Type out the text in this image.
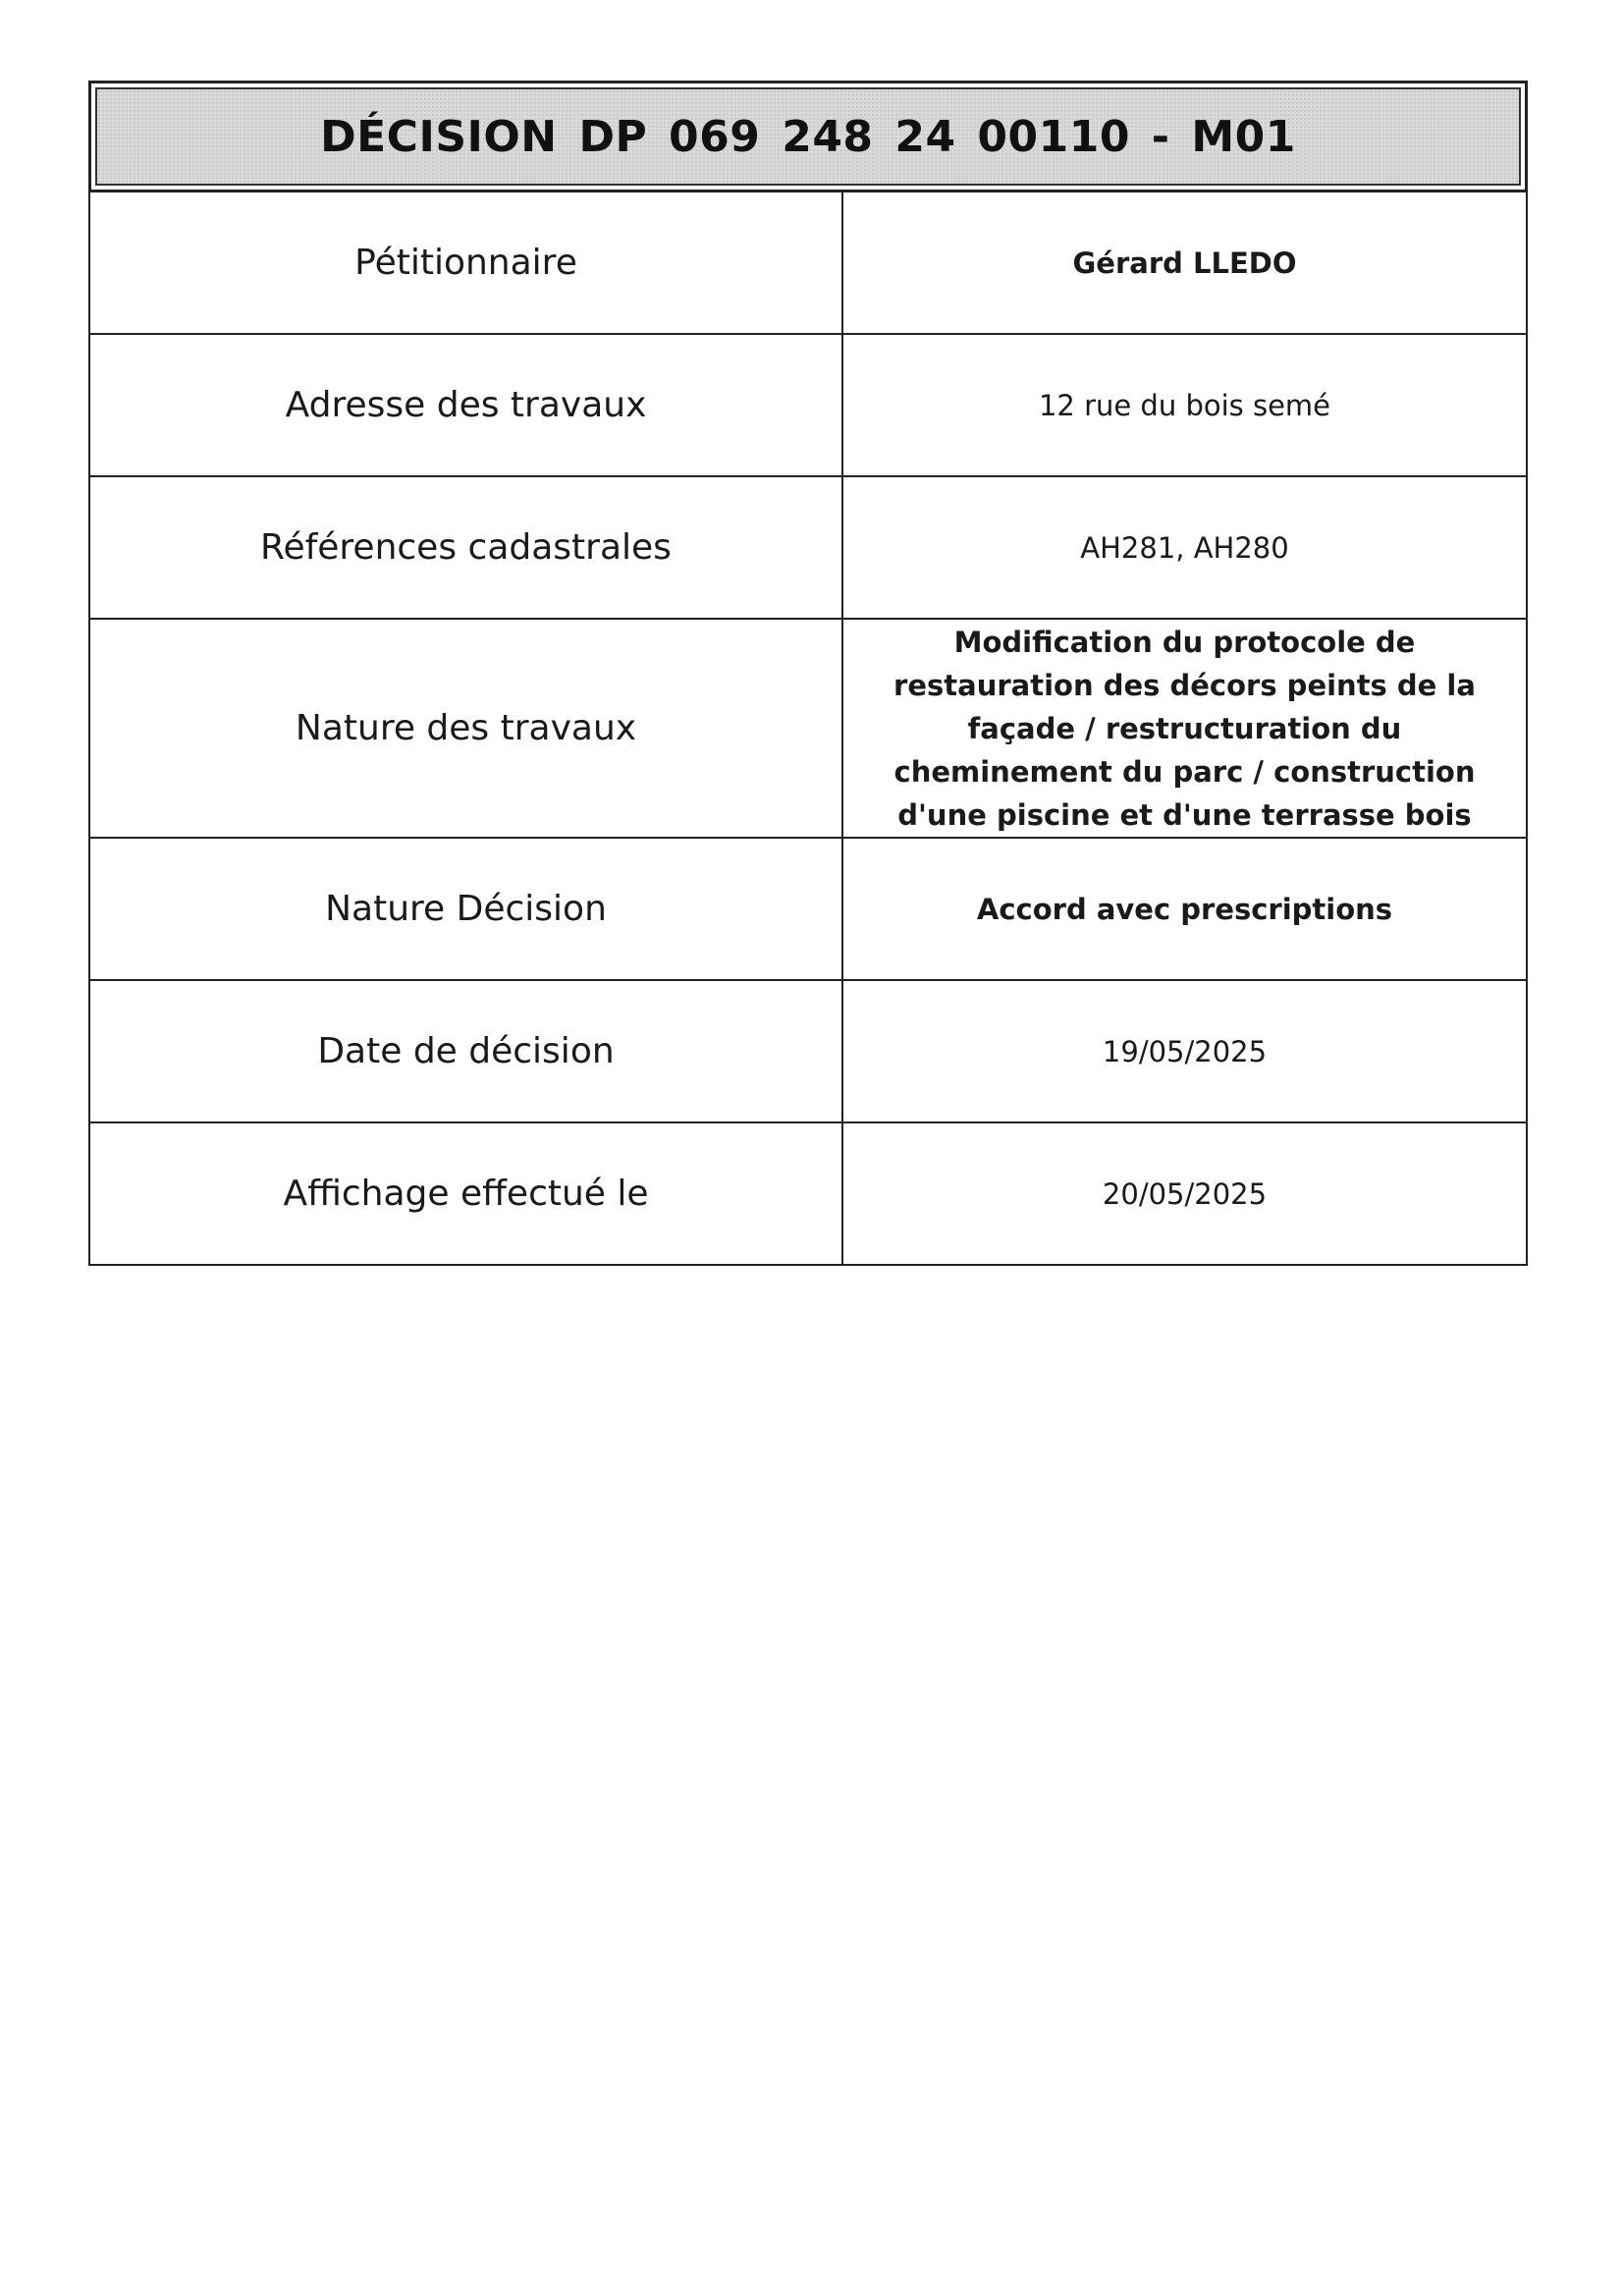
DÉCISION DP 069 248 24 00110 - M01
Pétitionnaire	Gérard LLEDO
Adresse des travaux	12 rue du bois semé
Références cadastrales	AH281, AH280
Nature des travaux	Modification du protocole de restauration des décors peints de la façade / restructuration du cheminement du parc / construction d'une piscine et d'une terrasse bois
Nature Décision	Accord avec prescriptions
Date de décision	19/05/2025
Affichage effectué le	20/05/2025
